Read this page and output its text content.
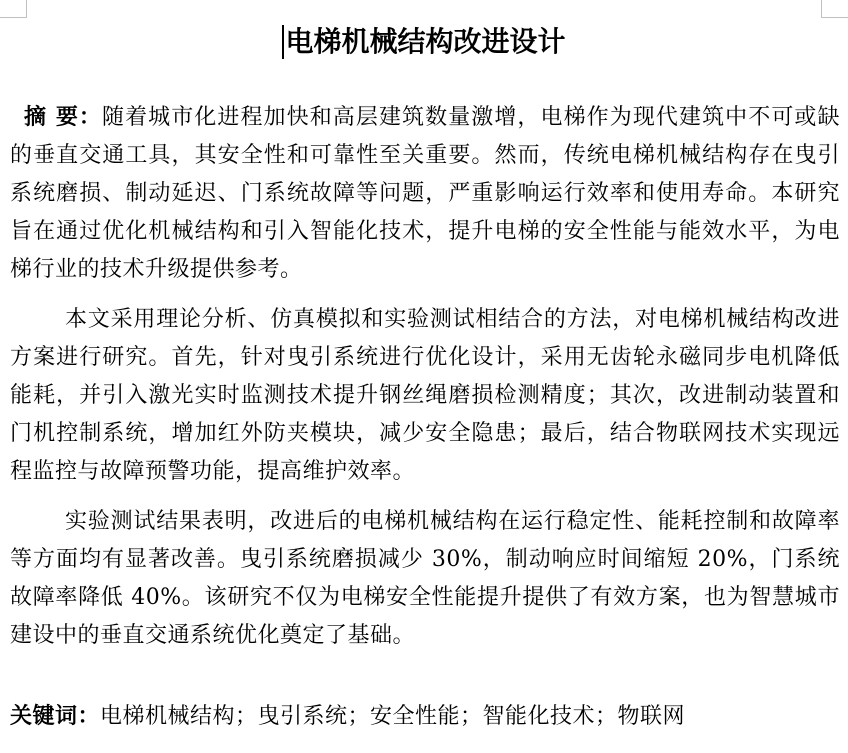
电梯机械结构改进设计

摘 要：随着城市化进程加快和高层建筑数量激增，电梯作为现代建筑中不可或缺的垂直交通工具，其安全性和可靠性至关重要。然而，传统电梯机械结构存在曳引系统磨损、制动延迟、门系统故障等问题，严重影响运行效率和使用寿命。本研究旨在通过优化机械结构和引入智能化技术，提升电梯的安全性能与能效水平，为电梯行业的技术升级提供参考。

本文采用理论分析、仿真模拟和实验测试相结合的方法，对电梯机械结构改进方案进行研究。首先，针对曳引系统进行优化设计，采用无齿轮永磁同步电机降低能耗，并引入激光实时监测技术提升钢丝绳磨损检测精度；其次，改进制动装置和门机控制系统，增加红外防夹模块，减少安全隐患；最后，结合物联网技术实现远程监控与故障预警功能，提高维护效率。

实验测试结果表明，改进后的电梯机械结构在运行稳定性、能耗控制和故障率等方面均有显著改善。曳引系统磨损减少 30%，制动响应时间缩短 20%，门系统故障率降低 40%。该研究不仅为电梯安全性能提升提供了有效方案，也为智慧城市建设中的垂直交通系统优化奠定了基础。

关键词：电梯机械结构；曳引系统；安全性能；智能化技术；物联网
